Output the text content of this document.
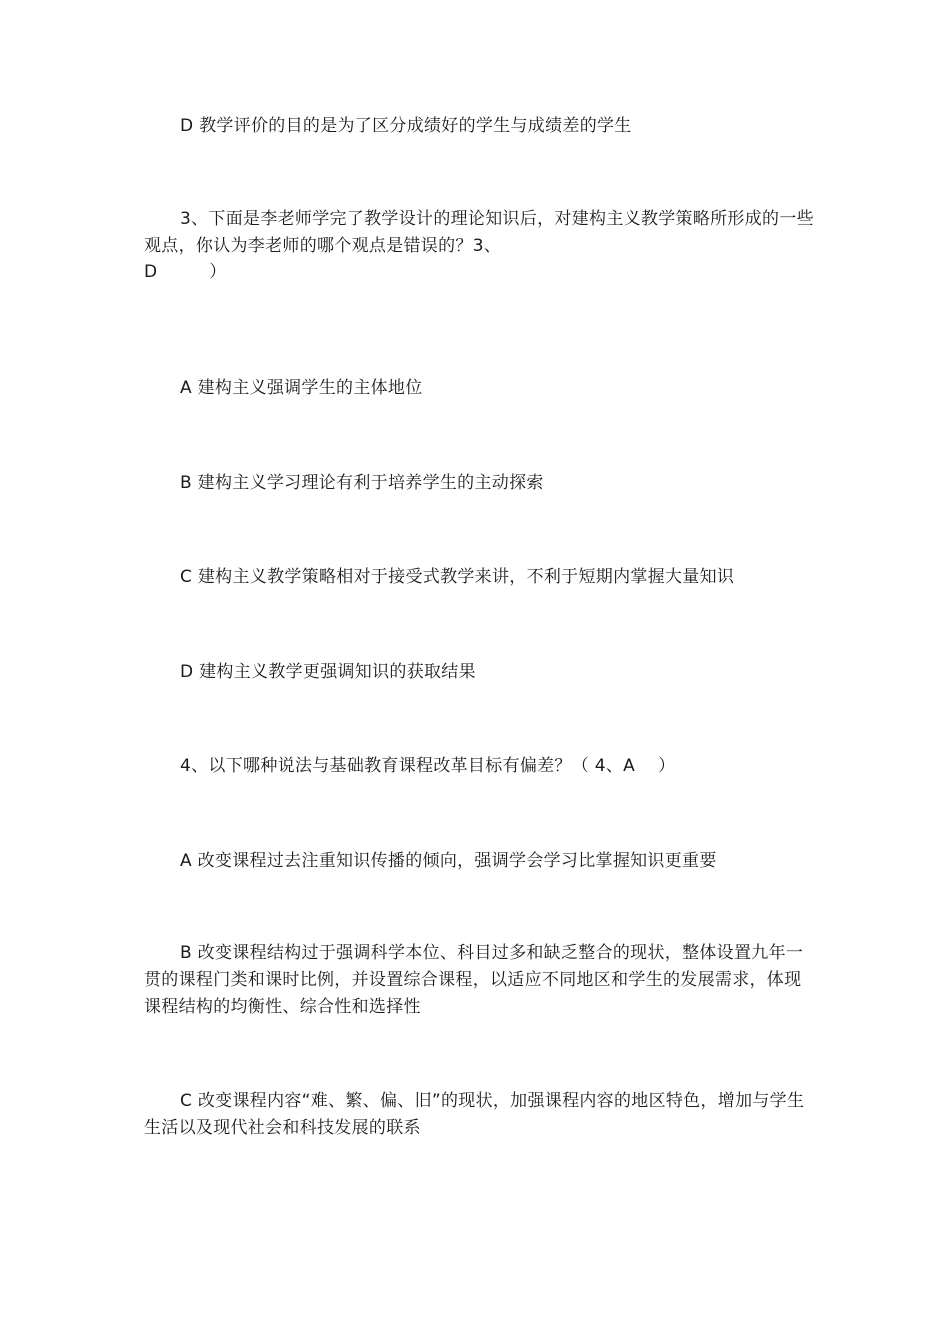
D 教学评价的目的是为了区分成绩好的学生与成绩差的学生
3、下面是李老师学完了教学设计的理论知识后，对建构主义教学策略所形成的一些观点，你认为李老师的哪个观点是错误的？3、
D　　　）
A 建构主义强调学生的主体地位
B 建构主义学习理论有利于培养学生的主动探索
C 建构主义教学策略相对于接受式教学来讲，不利于短期内掌握大量知识
D 建构主义教学更强调知识的获取结果
4、以下哪种说法与基础教育课程改革目标有偏差？（ 4、A　 ）
A 改变课程过去注重知识传播的倾向，强调学会学习比掌握知识更重要
B 改变课程结构过于强调科学本位、科目过多和缺乏整合的现状，整体设置九年一贯的课程门类和课时比例，并设置综合课程，以适应不同地区和学生的发展需求，体现课程结构的均衡性、综合性和选择性
C 改变课程内容“难、繁、偏、旧”的现状，加强课程内容的地区特色，增加与学生生活以及现代社会和科技发展的联系
